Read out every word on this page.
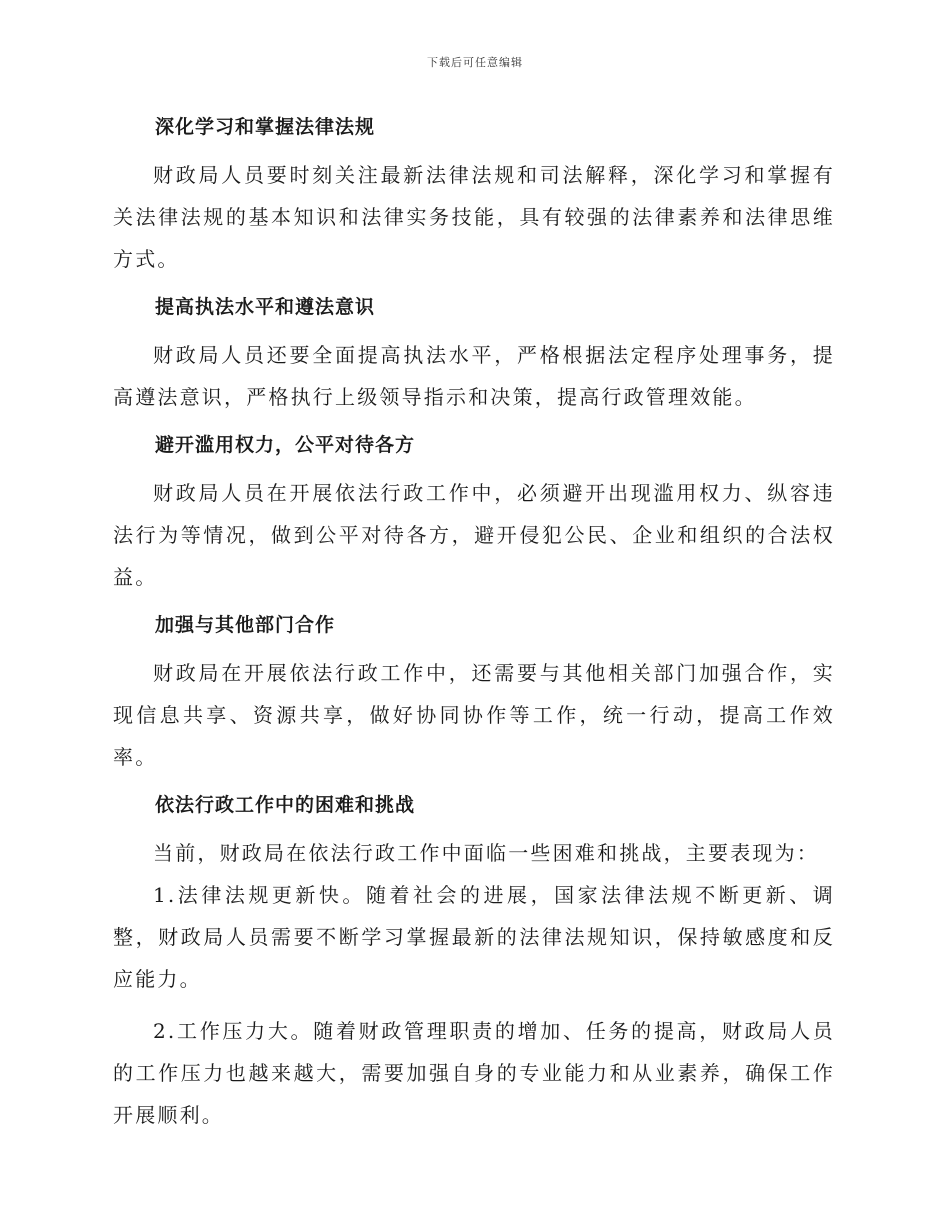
下载后可任意编辑
深化学习和掌握法律法规

财政局人员要时刻关注最新法律法规和司法解释，深化学习和掌握有关法律法规的基本知识和法律实务技能，具有较强的法律素养和法律思维方式。

提高执法水平和遵法意识

财政局人员还要全面提高执法水平，严格根据法定程序处理事务，提高遵法意识，严格执行上级领导指示和决策，提高行政管理效能。

避开滥用权力，公平对待各方

财政局人员在开展依法行政工作中，必须避开出现滥用权力、纵容违法行为等情况，做到公平对待各方，避开侵犯公民、企业和组织的合法权益。

加强与其他部门合作

财政局在开展依法行政工作中，还需要与其他相关部门加强合作，实现信息共享、资源共享，做好协同协作等工作，统一行动，提高工作效率。

依法行政工作中的困难和挑战

当前，财政局在依法行政工作中面临一些困难和挑战，主要表现为：

1.法律法规更新快。随着社会的进展，国家法律法规不断更新、调整，财政局人员需要不断学习掌握最新的法律法规知识，保持敏感度和反应能力。

2.工作压力大。随着财政管理职责的增加、任务的提高，财政局人员的工作压力也越来越大，需要加强自身的专业能力和从业素养，确保工作开展顺利。
